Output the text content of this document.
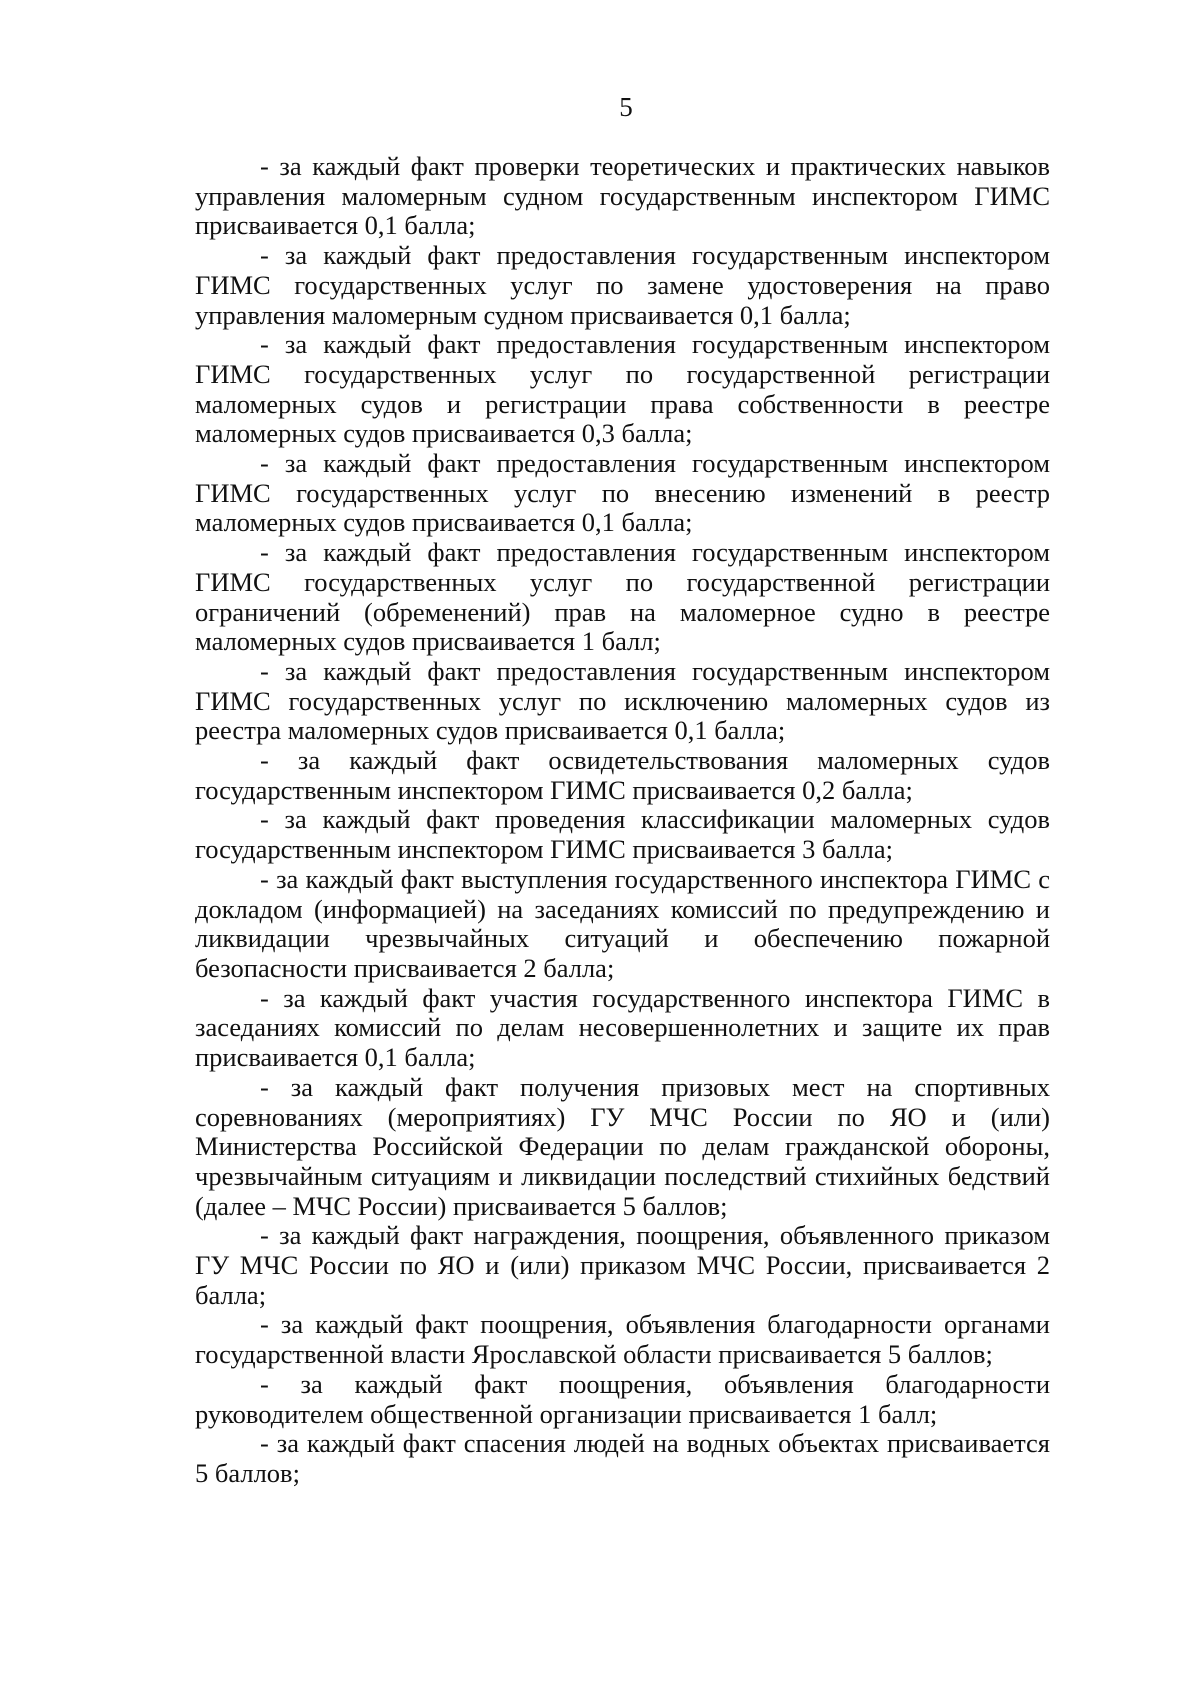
5

- за каждый факт проверки теоретических и практических навыков управления маломерным судном государственным инспектором ГИМС присваивается 0,1 балла;

- за каждый факт предоставления государственным инспектором ГИМС государственных услуг по замене удостоверения на право управления маломерным судном присваивается 0,1 балла;

- за каждый факт предоставления государственным инспектором ГИМС государственных услуг по государственной регистрации маломерных судов и регистрации права собственности в реестре маломерных судов присваивается 0,3 балла;

- за каждый факт предоставления государственным инспектором ГИМС государственных услуг по внесению изменений в реестр маломерных судов присваивается 0,1 балла;

- за каждый факт предоставления государственным инспектором ГИМС государственных услуг по государственной регистрации ограничений (обременений) прав на маломерное судно в реестре маломерных судов присваивается 1 балл;

- за каждый факт предоставления государственным инспектором ГИМС государственных услуг по исключению маломерных судов из реестра маломерных судов присваивается 0,1 балла;

- за каждый факт освидетельствования маломерных судов государственным инспектором ГИМС присваивается 0,2 балла;

- за каждый факт проведения классификации маломерных судов государственным инспектором ГИМС присваивается 3 балла;

- за каждый факт выступления государственного инспектора ГИМС с докладом (информацией) на заседаниях комиссий по предупреждению и ликвидации чрезвычайных ситуаций и обеспечению пожарной безопасности присваивается 2 балла;

- за каждый факт участия государственного инспектора ГИМС в заседаниях комиссий по делам несовершеннолетних и защите их прав присваивается 0,1 балла;

- за каждый факт получения призовых мест на спортивных соревнованиях (мероприятиях) ГУ МЧС России по ЯО и (или) Министерства Российской Федерации по делам гражданской обороны, чрезвычайным ситуациям и ликвидации последствий стихийных бедствий (далее – МЧС России) присваивается 5 баллов;

- за каждый факт награждения, поощрения, объявленного приказом ГУ МЧС России по ЯО и (или) приказом МЧС России, присваивается 2 балла;

- за каждый факт поощрения, объявления благодарности органами государственной власти Ярославской области присваивается 5 баллов;

- за каждый факт поощрения, объявления благодарности руководителем общественной организации присваивается 1 балл;

- за каждый факт спасения людей на водных объектах присваивается 5 баллов;
